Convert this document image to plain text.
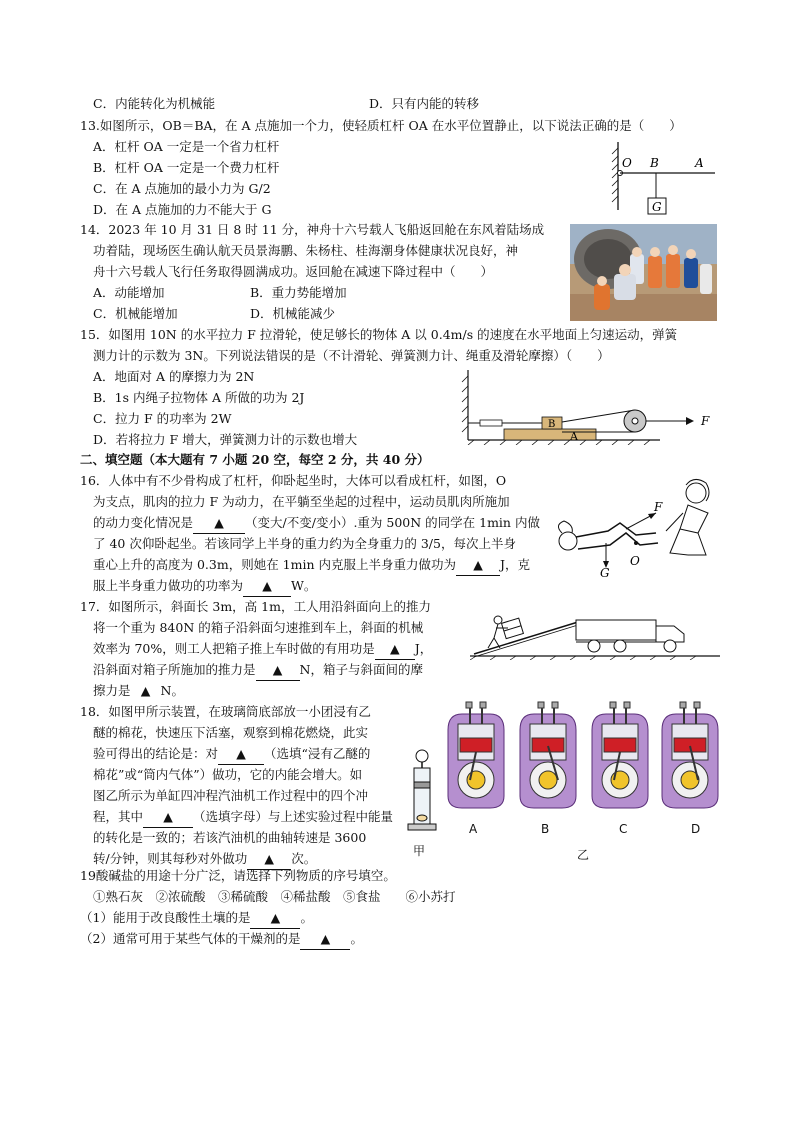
C．内能转化为机械能	D．只有内能的转移
13.如图所示，OB＝BA，在 A 点施加一个力，使轻质杠杆 OA 在水平位置静止，以下说法正确的是（　　）
A．杠杆 OA 一定是一个省力杠杆
B．杠杆 OA 一定是一个费力杠杆
C．在 A 点施加的最小力为 G/2
D．在 A 点施加的力不能大于 G
O B	A
G
14．2023 年 10 月 31 日 8 时 11 分，神舟十六号载人飞船返回舱在东风着陆场成
功着陆，现场医生确认航天员景海鹏、朱杨柱、桂海潮身体健康状况良好，神
舟十六号载人飞行任务取得圆满成功。返回舱在减速下降过程中（　　）
A．动能增加	B．重力势能增加
C．机械能增加	D．机械能减少
15．如图用 10N 的水平拉力 F 拉滑轮，使足够长的物体 A 以 0.4m/s 的速度在水平地面上匀速运动，弹簧
测力计的示数为 3N。下列说法错误的是（不计滑轮、弹簧测力计、绳重及滑轮摩擦）（　　）
A．地面对 A 的摩擦力为 2N
B．1s 内绳子拉物体 A 所做的功为 2J
C．拉力 F 的功率为 2W
D．若将拉力 F 增大，弹簧测力计的示数也增大
B
A
F
二、填空题（本大题有 7 小题 20 空，每空 2 分，共 40 分）
16．人体中有不少骨构成了杠杆，仰卧起坐时，大体可以看成杠杆，如图，O
为支点，肌肉的拉力 F 为动力，在平躺至坐起的过程中，运动员肌肉所施加
的动力变化情况是 ▲ （变大/不变/变小）.重为 500N 的同学在 1min 内做
了 40 次仰卧起坐。若该同学上半身的重力约为全身重力的 3/5，每次上半身
重心上升的高度为 0.3m，则她在 1min 内克服上半身重力做功为 ▲ J，克
服上半身重力做功的功率为 ▲ W。
F
G
O
17．如图所示，斜面长 3m，高 1m，工人用沿斜面向上的推力
将一个重为 840N 的箱子沿斜面匀速推到车上，斜面的机械
效率为 70%，则工人把箱子推上车时做的有用功是 ▲ J，
沿斜面对箱子所施加的推力是 ▲ N，箱子与斜面间的摩
擦力是 ▲ N。
18．如图甲所示装置，在玻璃筒底部放一小团浸有乙
醚的棉花，快速压下活塞，观察到棉花燃烧，此实
验可得出的结论是：对 ▲ （选填“浸有乙醚的
棉花”或“筒内气体”）做功，它的内能会增大。如
图乙所示为单缸四冲程汽油机工作过程中的四个冲
程，其中 ▲ （选填字母）与上述实验过程中能量
的转化是一致的；若该汽油机的曲轴转速是 3600
转/分钟，则其每秒对外做功 ▲ 次。	甲
A	B	C	D
乙
19酸碱盐的用途十分广泛，请选择下列物质的序号填空。
①熟石灰　②浓硫酸　③稀硫酸　④稀盐酸　⑤食盐　　⑥小苏打
（1）能用于改良酸性土壤的是 ▲ 。
（2）通常可用于某些气体的干燥剂的是 ▲ 。
